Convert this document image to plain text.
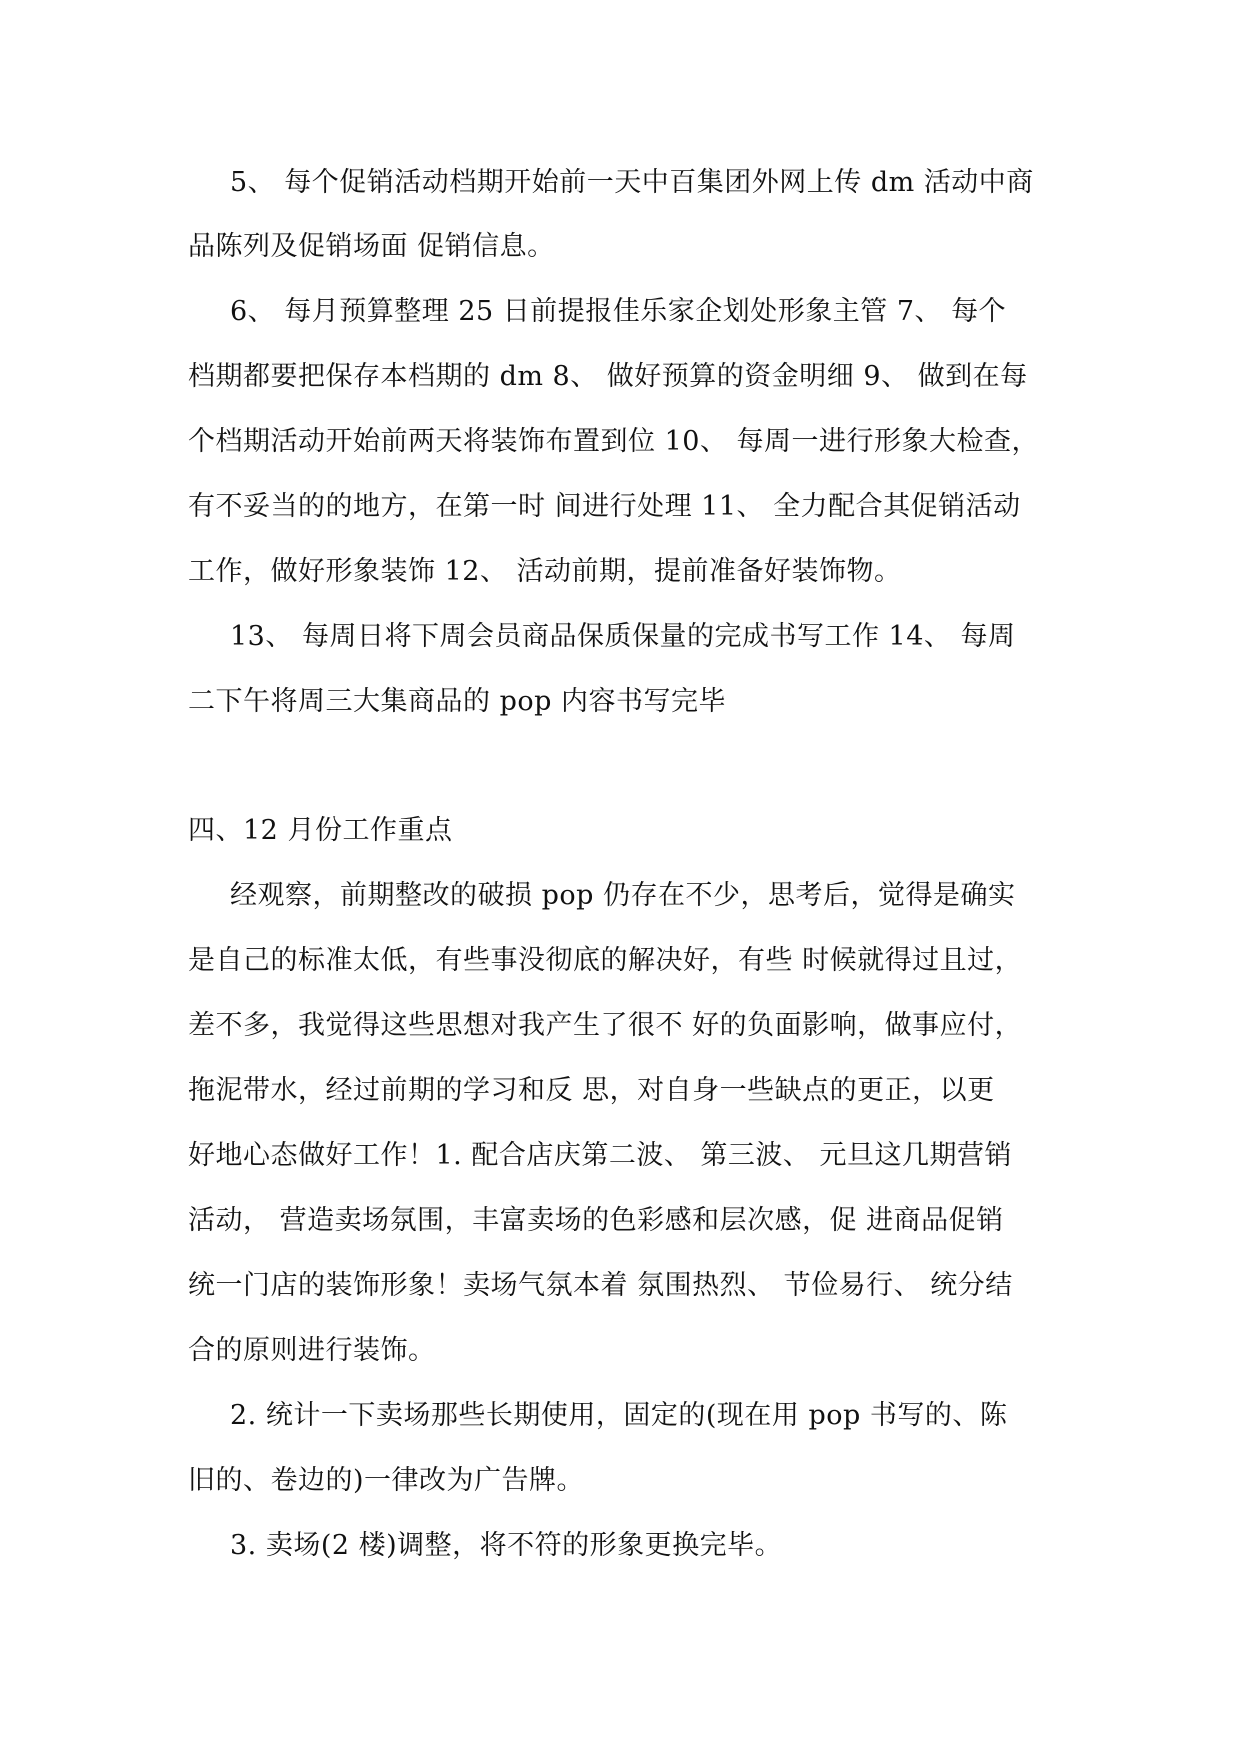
5、 每个促销活动档期开始前一天中百集团外网上传 dm 活动中商

品陈列及促销场面 促销信息。

6、 每月预算整理 25 日前提报佳乐家企划处形象主管 7、 每个

档期都要把保存本档期的 dm 8、 做好预算的资金明细 9、 做到在每

个档期活动开始前两天将装饰布置到位 10、 每周一进行形象大检查，

有不妥当的的地方，在第一时 间进行处理 11、 全力配合其促销活动

工作，做好形象装饰 12、 活动前期，提前准备好装饰物。

13、 每周日将下周会员商品保质保量的完成书写工作 14、 每周

二下午将周三大集商品的 pop 内容书写完毕

四、12 月份工作重点

经观察，前期整改的破损 pop 仍存在不少，思考后，觉得是确实

是自己的标准太低，有些事没彻底的解决好，有些 时候就得过且过，

差不多，我觉得这些思想对我产生了很不 好的负面影响，做事应付，

拖泥带水，经过前期的学习和反 思，对自身一些缺点的更正，以更

好地心态做好工作！1. 配合店庆第二波、 第三波、 元旦这几期营销

活动， 营造卖场氛围，丰富卖场的色彩感和层次感，促 进商品促销

统一门店的装饰形象！卖场气氛本着 氛围热烈、 节俭易行、 统分结

合的原则进行装饰。

2. 统计一下卖场那些长期使用，固定的(现在用 pop 书写的、陈

旧的、卷边的)一律改为广告牌。

3. 卖场(2 楼)调整，将不符的形象更换完毕。
